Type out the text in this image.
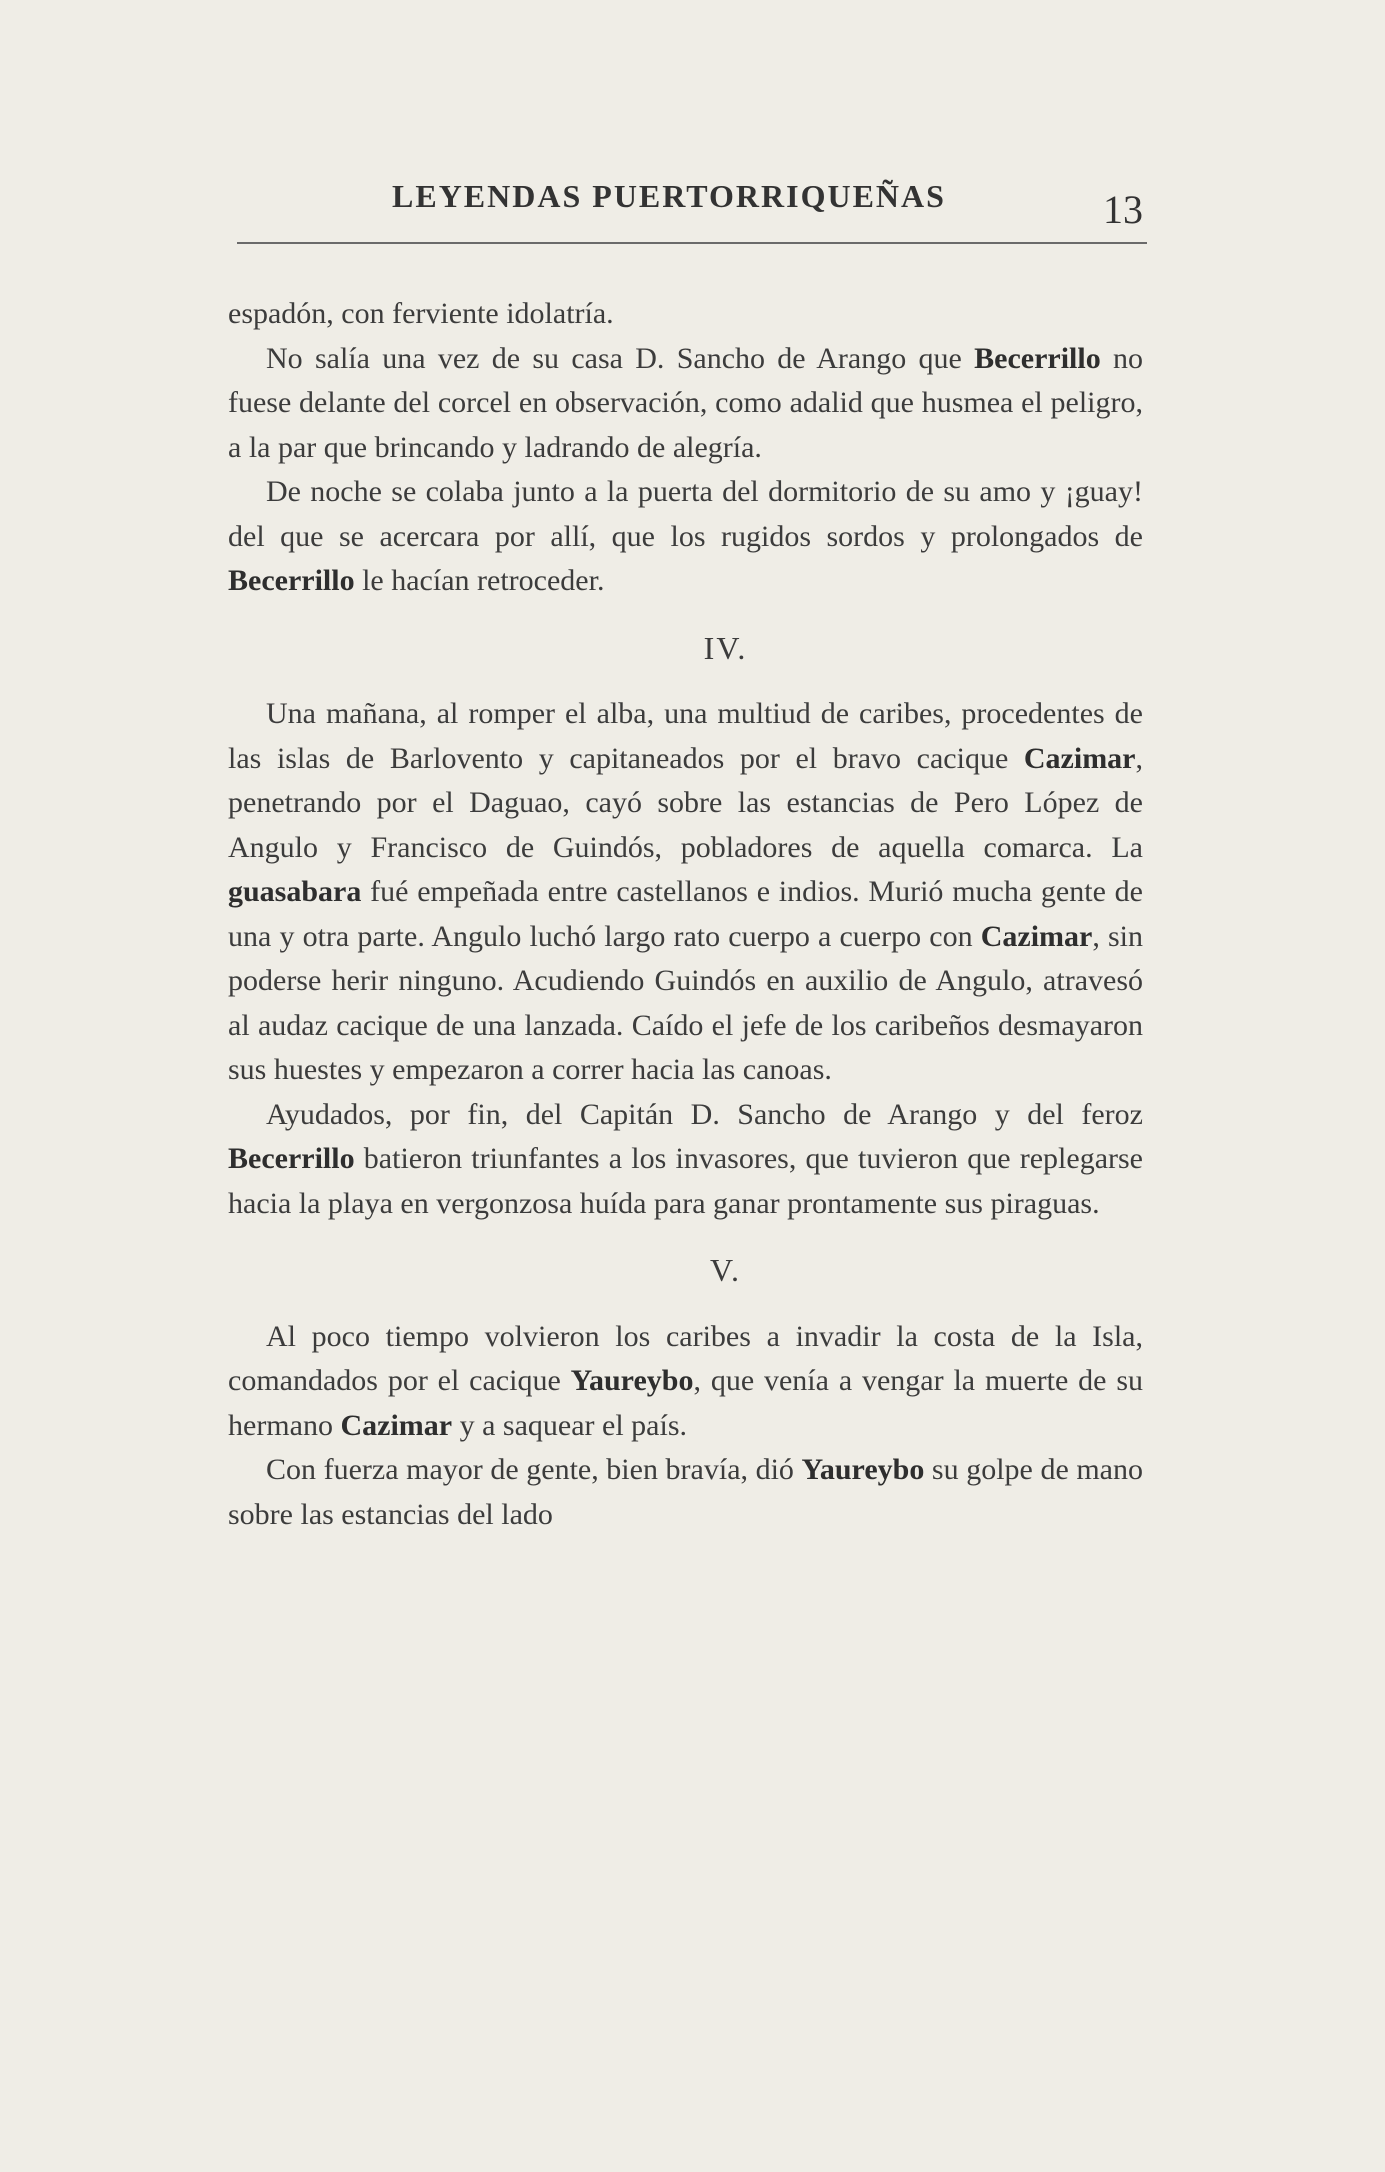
LEYENDAS PUERTORRIQUEÑAS	13

espadón, con ferviente idolatría.

No salía una vez de su casa D. Sancho de Arango que Becerrillo no fuese delante del corcel en observación, como adalid que husmea el peligro, a la par que brincando y ladrando de alegría.

De noche se colaba junto a la puerta del dormitorio de su amo y ¡guay! del que se acercara por allí, que los rugidos sordos y prolongados de Becerrillo le hacían retroceder.

IV.

Una mañana, al romper el alba, una multiud de caribes, procedentes de las islas de Barlovento y capitaneados por el bravo cacique Cazimar, penetrando por el Daguao, cayó sobre las estancias de Pero López de Angulo y Francisco de Guindós, pobladores de aquella comarca. La guasabara fué empeñada entre castellanos e indios. Murió mucha gente de una y otra parte. Angulo luchó largo rato cuerpo a cuerpo con Cazimar, sin poderse herir ninguno. Acudiendo Guindós en auxilio de Angulo, atravesó al audaz cacique de una lanzada. Caído el jefe de los caribeños desmayaron sus huestes y empezaron a correr hacia las canoas.

Ayudados, por fin, del Capitán D. Sancho de Arango y del feroz Becerrillo batieron triunfantes a los invasores, que tuvieron que replegarse hacia la playa en vergonzosa huída para ganar prontamente sus piraguas.

V.

Al poco tiempo volvieron los caribes a invadir la costa de la Isla, comandados por el cacique Yaureybo, que venía a vengar la muerte de su hermano Cazimar y a saquear el país.

Con fuerza mayor de gente, bien bravía, dió Yaureybo su golpe de mano sobre las estancias del lado
